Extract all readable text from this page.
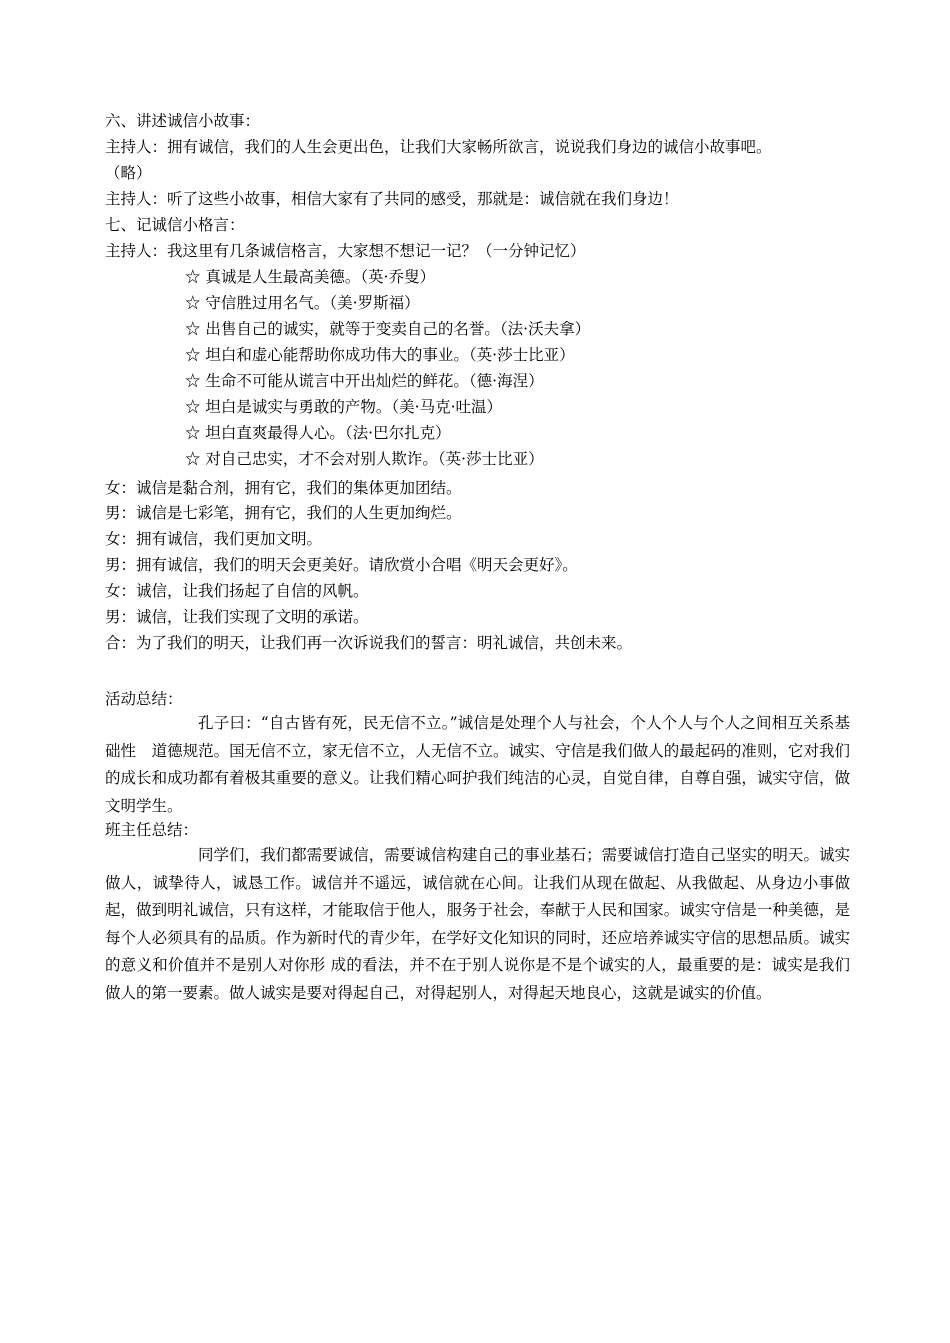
六、讲述诚信小故事：
主持人：拥有诚信，我们的人生会更出色，让我们大家畅所欲言，说说我们身边的诚信小故事吧。
（略）
主持人：听了这些小故事，相信大家有了共同的感受，那就是：诚信就在我们身边！
七、记诚信小格言：
主持人：我这里有几条诚信格言，大家想不想记一记？（一分钟记忆）
☆ 真诚是人生最高美德。（英·乔叟）
☆ 守信胜过用名气。（美·罗斯福）
☆ 出售自己的诚实，就等于变卖自己的名誉。（法·沃夫拿）
☆ 坦白和虚心能帮助你成功伟大的事业。（英·莎士比亚）
☆ 生命不可能从谎言中开出灿烂的鲜花。（德·海涅）
☆ 坦白是诚实与勇敢的产物。（美·马克·吐温）
☆ 坦白直爽最得人心。（法·巴尔扎克）
☆ 对自己忠实，才不会对别人欺诈。（英·莎士比亚）
女：诚信是黏合剂，拥有它，我们的集体更加团结。
男：诚信是七彩笔，拥有它，我们的人生更加绚烂。
女：拥有诚信，我们更加文明。
男：拥有诚信，我们的明天会更美好。请欣赏小合唱《明天会更好》。
女：诚信，让我们扬起了自信的风帆。
男：诚信，让我们实现了文明的承诺。
合：为了我们的明天，让我们再一次诉说我们的誓言：明礼诚信，共创未来。
活动总结：
孔子曰：“自古皆有死，民无信不立。”诚信是处理个人与社会，个人个人与个人之间相互关系基础性　道德规范。国无信不立，家无信不立，人无信不立。诚实、守信是我们做人的最起码的准则，它对我们的成长和成功都有着极其重要的意义。让我们精心呵护我们纯洁的心灵，自觉自律，自尊自强，诚实守信，做文明学生。
班主任总结：
同学们，我们都需要诚信，需要诚信构建自己的事业基石；需要诚信打造自己坚实的明天。诚实做人，诚挚待人，诚恳工作。诚信并不遥远，诚信就在心间。让我们从现在做起、从我做起、从身边小事做起，做到明礼诚信，只有这样，才能取信于他人，服务于社会，奉献于人民和国家。诚实守信是一种美德，是每个人必须具有的品质。作为新时代的青少年，在学好文化知识的同时，还应培养诚实守信的思想品质。诚实的意义和价值并不是别人对你形 成的看法，并不在于别人说你是不是个诚实的人，最重要的是：诚实是我们做人的第一要素。做人诚实是要对得起自己，对得起别人，对得起天地良心，这就是诚实的价值。
